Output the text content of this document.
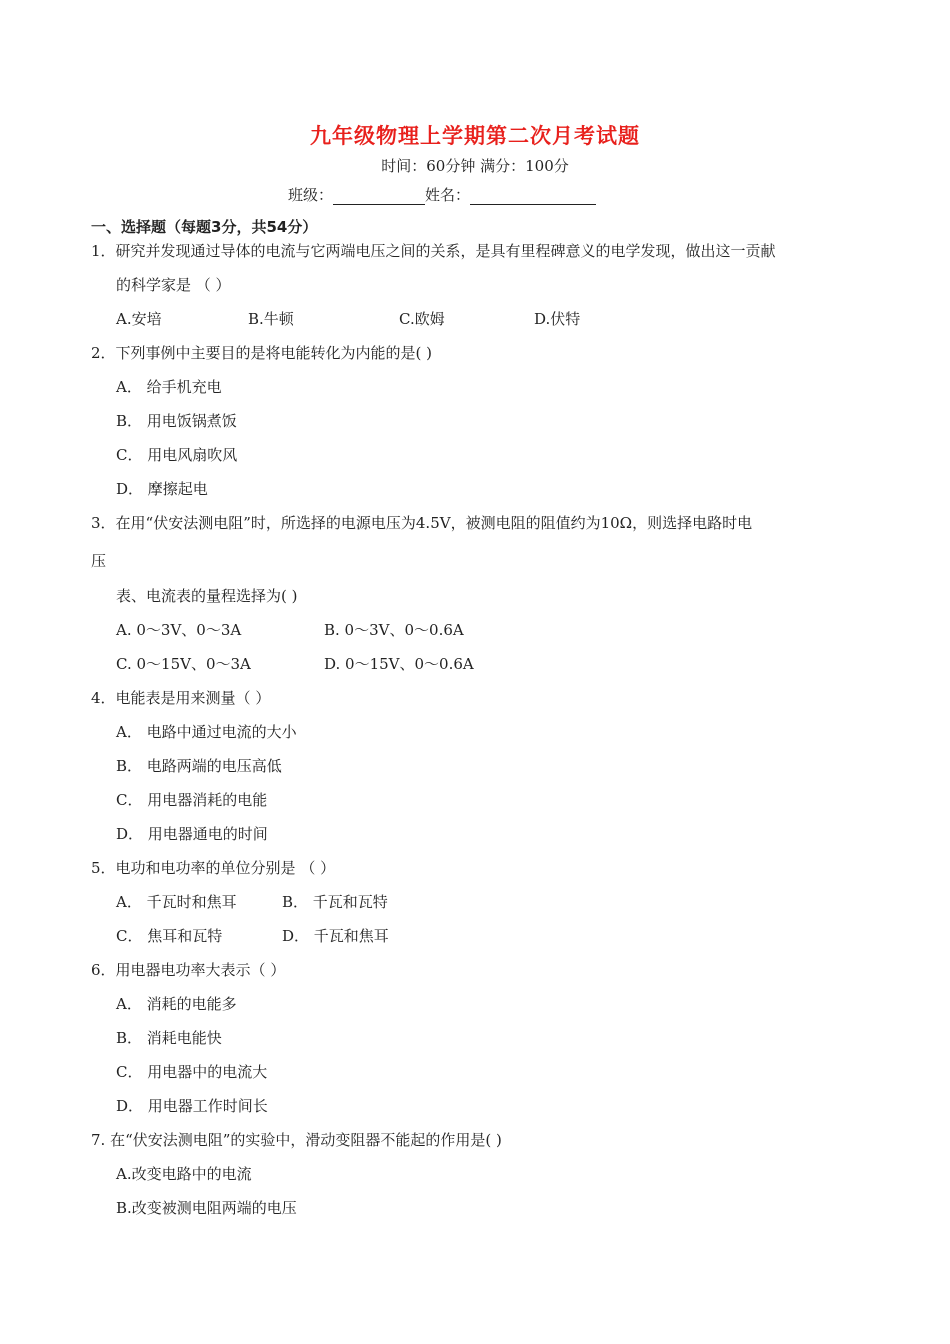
九年级物理上学期第二次月考试题
时间：60分钟 满分：100分
班级：	姓名：
一、选择题（每题3分，共54分）
1．研究并发现通过导体的电流与它两端电压之间的关系，是具有里程碑意义的电学发现，做出这一贡献
的科学家是 （ ）
A.安培	B.牛顿	C.欧姆	D.伏特
2．下列事例中主要目的是将电能转化为内能的是( )
A． 给手机充电
B． 用电饭锅煮饭
C． 用电风扇吹风
D． 摩擦起电
3．在用“伏安法测电阻”时，所选择的电源电压为4.5V，被测电阻的阻值约为10Ω，则选择电路时电
压
表、电流表的量程选择为( )
A. 0～3V、0～3A	B. 0～3V、0～0.6A
C. 0～15V、0～3A	D. 0～15V、0～0.6A
4．电能表是用来测量（ ）
A． 电路中通过电流的大小
B． 电路两端的电压高低
C． 用电器消耗的电能
D． 用电器通电的时间
5．电功和电功率的单位分别是 （ ）
A． 千瓦时和焦耳	B． 千瓦和瓦特
C． 焦耳和瓦特	D． 千瓦和焦耳
6．用电器电功率大表示（ ）
A． 消耗的电能多
B． 消耗电能快
C． 用电器中的电流大
D． 用电器工作时间长
7. 在“伏安法测电阻”的实验中，滑动变阻器不能起的作用是( )
A.改变电路中的电流
B.改变被测电阻两端的电压
